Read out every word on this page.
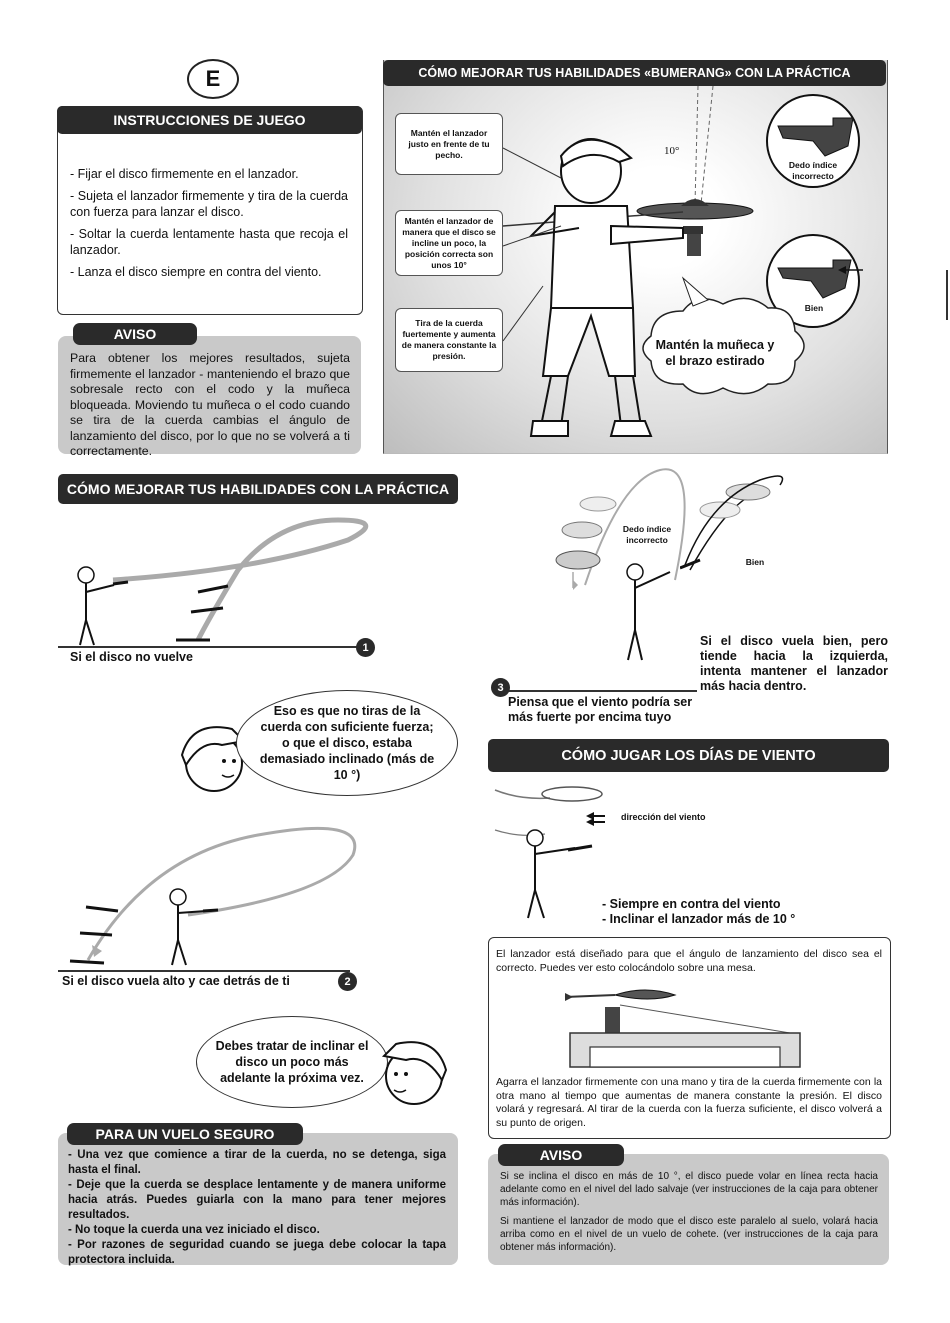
E
INSTRUCCIONES DE JUEGO

- Fijar el disco firmemente en el lanzador.

- Sujeta el lanzador firmemente y tira de la cuerda con fuerza para lanzar el disco.

- Soltar la cuerda lentamente hasta que recoja el lanzador.

- Lanza el disco siempre en contra del viento.

AVISO

Para obtener los mejores resultados, sujeta firmemente el lanzador - manteniendo el brazo que sobresale recto con el codo y la muñeca bloqueada. Moviendo tu muñeca o el codo cuando se tira de la cuerda cambias el ángulo de lanzamiento del disco, por lo que no se volverá a ti correctamente.

CÓMO MEJORAR TUS HABILIDADES «BUMERANG» CON LA PRÁCTICA
Mantén el lanzador justo en frente de tu pecho.
Mantén el lanzador de manera que el disco se incline un poco, la posición correcta son unos 10°
Tira de la cuerda fuertemente y aumenta de manera constante la presión.
10°
Dedo índice incorrecto
Bien
Mantén la muñeca y el brazo estirado
CÓMO MEJORAR TUS HABILIDADES CON LA PRÁCTICA
1
Si el disco no vuelve
Eso es que no tiras de la cuerda con suficiente fuerza; o que el disco, estaba demasiado inclinado (más de 10 °)
2
Si el disco vuela alto y cae detrás de ti
Debes tratar de inclinar el disco un poco más adelante la próxima vez.
PARA UN VUELO SEGURO

- Una vez que comience a tirar de la cuerda, no se detenga, siga hasta el final.

- Deje que la cuerda se desplace lentamente y de manera uniforme hacia atrás. Puedes guiarla con la mano para tener mejores resultados.

- No toque la cuerda una vez iniciado el disco.

- Por razones de seguridad cuando se juega debe colocar la tapa protectora incluida.

Dedo índice incorrecto
Bien
3
Piensa que el viento podría ser más fuerte por encima tuyo
Si el disco vuela bien, pero tiende hacia la izquierda, intenta mantener el lanzador más hacia dentro.
CÓMO JUGAR LOS DÍAS DE VIENTO
dirección del viento

- Siempre en contra del viento

- Inclinar el lanzador más de 10 °

El lanzador está diseñado para que el ángulo de lanzamiento del disco sea el correcto. Puedes ver esto colocándolo sobre una mesa.

Agarra el lanzador firmemente con una mano y tira de la cuerda firmemente con la otra mano al tiempo que aumentas de manera constante la presión. El disco volará y regresará. Al tirar de la cuerda con la fuerza suficiente, el disco volverá a su punto de origen.

AVISO

Si se inclina el disco en más de 10 °, el disco puede volar en línea recta hacia adelante como en el nivel del lado salvaje (ver instrucciones de la caja para obtener más información).

Si mantiene el lanzador de modo que el disco este paralelo al suelo, volará hacia arriba como en el nivel de un vuelo de cohete. (ver instrucciones de la caja para obtener más información).
